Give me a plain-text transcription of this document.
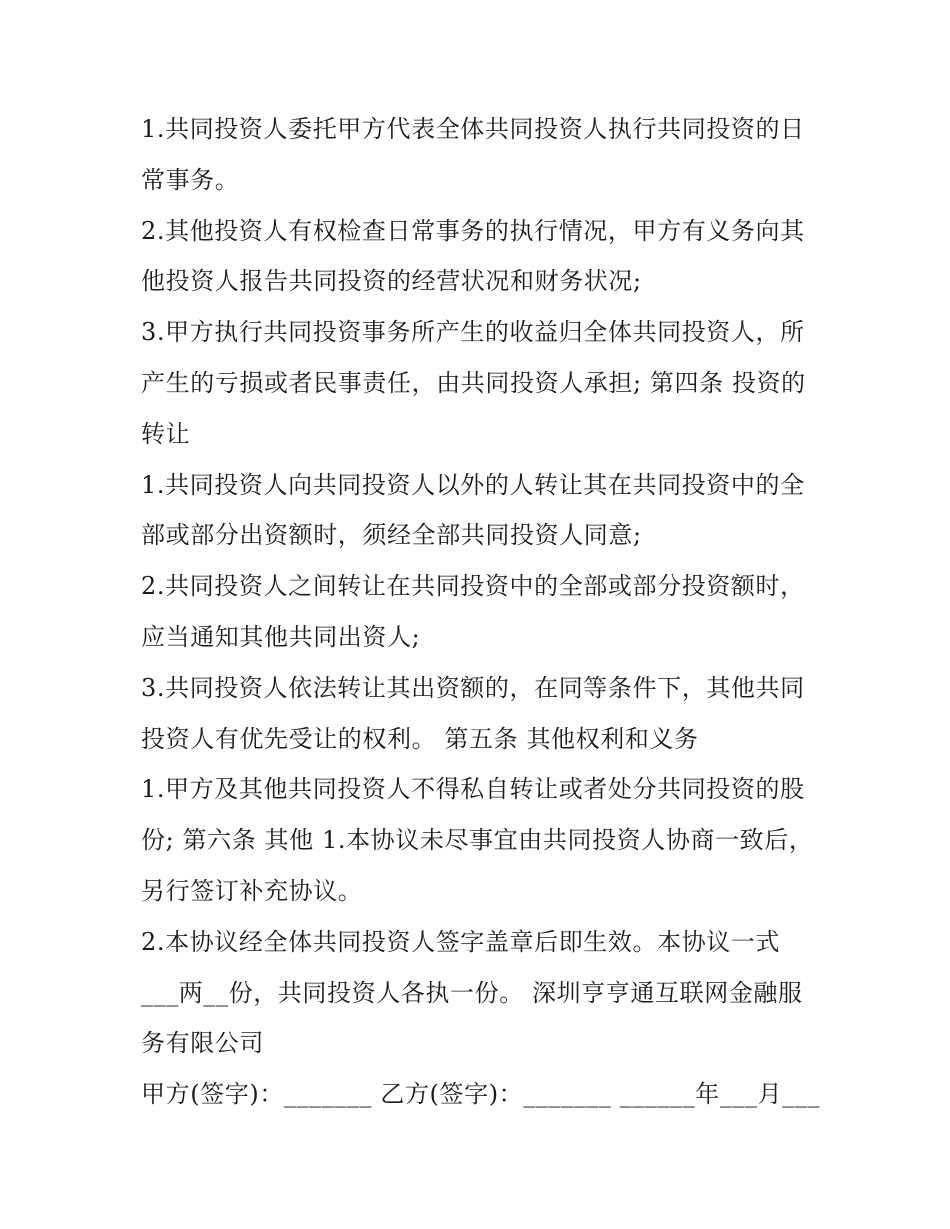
1.共同投资人委托甲方代表全体共同投资人执行共同投资的日
常事务。
2.其他投资人有权检查日常事务的执行情况，甲方有义务向其
他投资人报告共同投资的经营状况和财务状况;
3.甲方执行共同投资事务所产生的收益归全体共同投资人，所
产生的亏损或者民事责任，由共同投资人承担; 第四条 投资的
转让
1.共同投资人向共同投资人以外的人转让其在共同投资中的全
部或部分出资额时，须经全部共同投资人同意;
2.共同投资人之间转让在共同投资中的全部或部分投资额时，
应当通知其他共同出资人;
3.共同投资人依法转让其出资额的，在同等条件下，其他共同
投资人有优先受让的权利。 第五条 其他权利和义务
1.甲方及其他共同投资人不得私自转让或者处分共同投资的股
份; 第六条 其他 1.本协议未尽事宜由共同投资人协商一致后，
另行签订补充协议。
2.本协议经全体共同投资人签字盖章后即生效。本协议一式
___两__份，共同投资人各执一份。 深圳亨亨通互联网金融服
务有限公司
甲方(签字)：_______ 乙方(签字)：_______ ______年___月___
